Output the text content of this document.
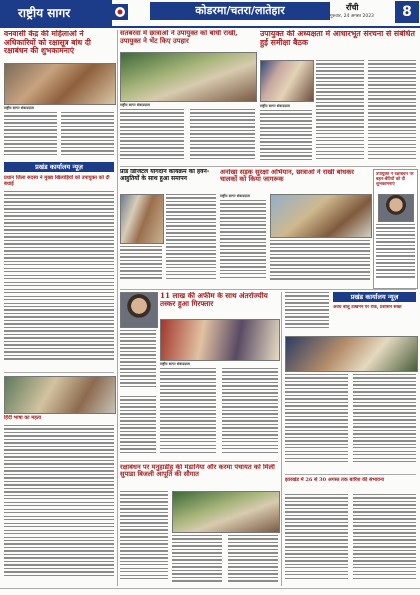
राष्ट्रीय सागर	कोडरमा/चतरा/लातेहार	राँची
गुरुवार, 24 अगस्त 2023	8
वनवासी केंद्र की महिलाओं ने अधिकारियों को रक्षासूत्र बांध दी रक्षाबंधन की शुभकामनाएं
राष्ट्रीय सागर संवाददाता
प्रखंड कार्यालय न्यूज़
प्रधान जिला सदस्य ने मुख्य खिलाड़ियों को उपायुक्त को दी बधाई
हिंदी भाषा का महत्व
सतबरवा में छात्राओं ने उपायुक्त को बांधी राखी, उपायुक्त ने भेंट किए उपहार
राष्ट्रीय सागर संवाददाता
उपायुक्त की अध्यक्षता में आधारभूत संरचना से संबंधित हुई समीक्षा बैठक
राष्ट्रीय सागर संवाददाता
प्रांड डिजिटल योगदान कार्यक्रम का हवन-आहुतियों के साथ हुआ समापन
अनोखा सड़क सुरक्षा अभियान, छात्राओं ने राखी बांधकर चालकों को किया जागरूक
राष्ट्रीय सागर संवाददाता
उपायुक्त ने रक्षाबंधन पर बहन-बेटियों को दी शुभकामनाएं
11 लाख की अफीम के साथ अंतर्राज्यीय तस्कर हुआ गिरफ्तार
राष्ट्रीय सागर संवाददाता
प्रखंड कार्यालय न्यूज़
अवैध बालू उत्खनन पर रोक, प्रशासन सख्त
झारखंड में 26 से 30 अगस्त तक बारिश की संभावना
रक्षाबंधन पर मनुहाडीह की मंडानिया और करमा पंचायत को मिली सुपाडा बिजली आपूर्ति की सौगात
